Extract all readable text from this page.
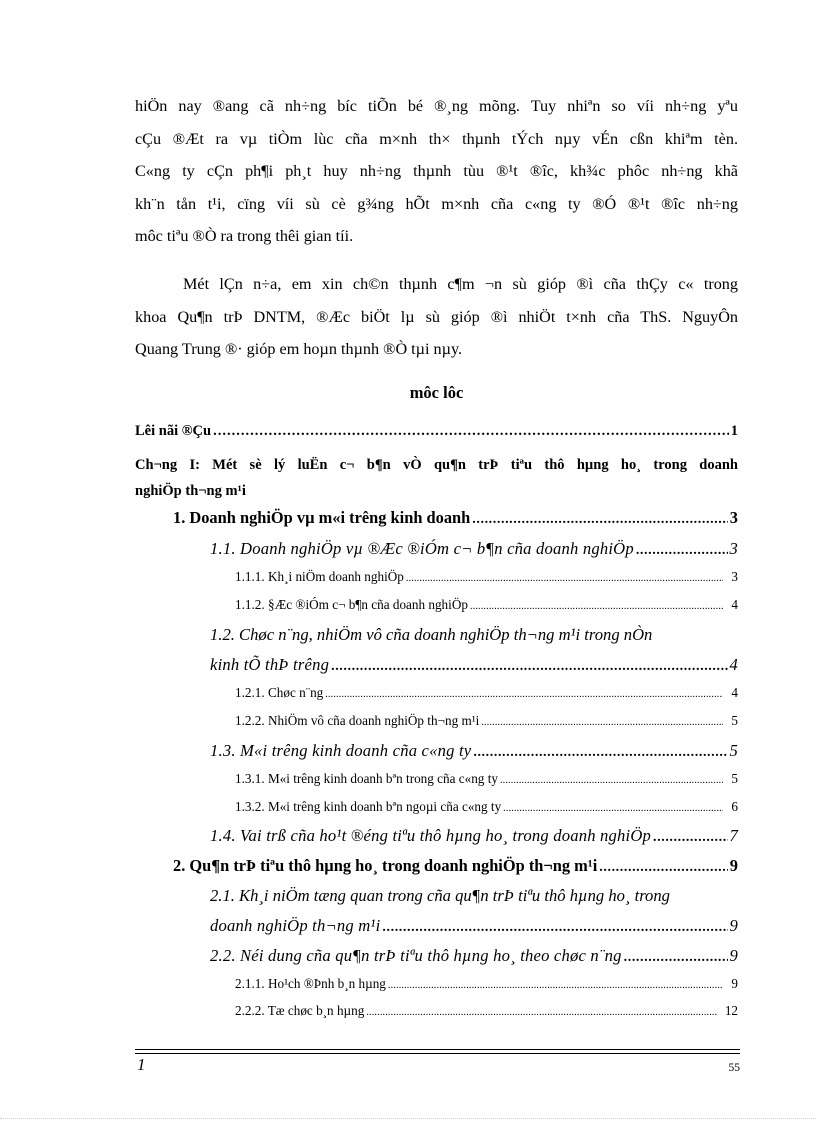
hiÖn nay ®ang cã nh÷ng bíc tiÕn bé ®¸ng mõng. Tuy nhiªn so víi nh÷ng yªu
cÇu ®Æt ra vµ tiÒm lùc cña m×nh th× thµnh tÝch nµy vÉn cßn khiªm tèn.
C«ng ty cÇn ph¶i ph¸t huy nh÷ng thµnh tùu ®¹t ®îc, kh¾c phôc nh÷ng khã
kh¨n tån t¹i, cïng víi sù cè g¾ng hÕt m×nh cña c«ng ty ®Ó ®¹t ®îc nh÷ng
môc tiªu ®Ò ra trong thêi gian tíi.
Mét lÇn n÷a, em xin ch©n thµnh c¶m ¬n sù gióp ®ì cña thÇy c« trong
khoa Qu¶n trÞ DNTM, ®Æc biÖt lµ sù gióp ®ì nhiÖt t×nh cña ThS. NguyÔn
Quang Trung ®· gióp em hoµn thµnh ®Ò tµi nµy.
môc lôc
Lêi nãi ®Çu .....	1
Ch¬ng I: Mét sè lý luËn c¬ b¶n vÒ qu¶n trÞ tiªu thô hµng ho¸ trong doanh
nghiÖp th¬ng m¹i
1. Doanh nghiÖp vµ m«i trêng kinh doanh .....	3
1.1. Doanh nghiÖp vµ ®Æc ®iÓm c¬ b¶n cña doanh nghiÖp .....	3
1.1.1. Kh¸i niÖm doanh nghiÖp .....	3
1.1.2. §Æc ®iÓm c¬ b¶n cña doanh nghiÖp .....	4
1.2. Chøc n¨ng, nhiÖm vô cña doanh nghiÖp th¬ng m¹i trong nÒn
kinh tÕ thÞ trêng .....	4
1.2.1. Chøc n¨ng .....	4
1.2.2. NhiÖm vô cña doanh nghiÖp th¬ng m¹i .....	5
1.3. M«i trêng kinh doanh cña c«ng ty .....	5
1.3.1. M«i trêng kinh doanh bªn trong cña c«ng ty .....	5
1.3.2. M«i trêng kinh doanh bªn ngoµi cña c«ng ty .....	6
1.4. Vai trß cña ho¹t ®éng tiªu thô hµng ho¸ trong doanh nghiÖp .....	7
2. Qu¶n trÞ tiªu thô hµng ho¸ trong doanh nghiÖp th¬ng m¹i .....	9
2.1. Kh¸i niÖm tæng quan trong cña qu¶n trÞ tiªu thô hµng ho¸ trong
doanh nghiÖp th¬ng m¹i .....	9
2.2. Néi dung cña qu¶n trÞ tiªu thô hµng ho¸ theo chøc n¨ng .....	9
2.1.1. Ho¹ch ®Þnh b¸n hµng .....	9
2.2.2. Tæ chøc b¸n hµng .....	12
1	55
